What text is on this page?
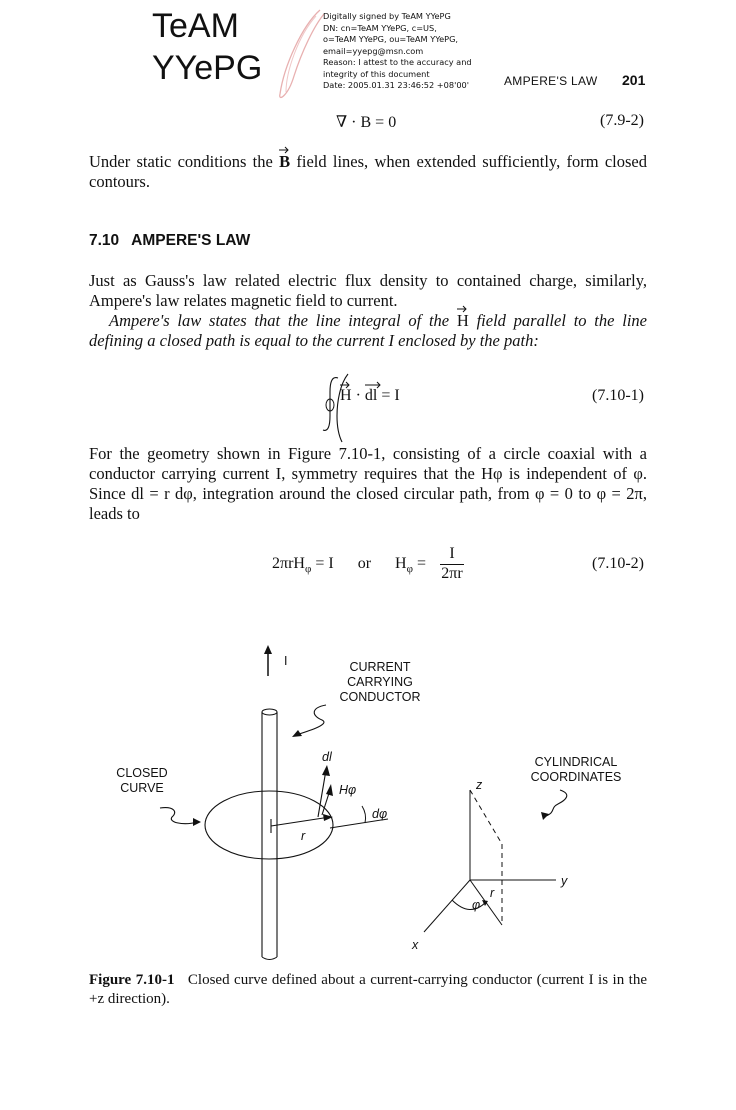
TeAM
YYePG
Digitally signed by TeAM YYePG
DN: cn=TeAM YYePG, c=US,
o=TeAM YYePG, ou=TeAM YYePG,
email=yyepg@msn.com
Reason: I attest to the accuracy and
integrity of this document
Date: 2005.01.31 23:46:52 +08'00'	AMPERE'S LAW 201
∇ · B = 0	(7.9-2)
Under static conditions the
B field lines, when extended sufficiently, form closed contours.
7.10 AMPERE'S LAW
Just as Gauss's law related electric flux density to contained charge, similarly, Ampere's law relates magnetic field to current.
Ampere's law states that the line integral of the
H field parallel to the line defining a closed path is equal to the current I enclosed by the path:
H ·
dl = I	(7.10-1)
For the geometry shown in Figure 7.10-1, consisting of a circle coaxial with a conductor carrying current I, symmetry requires that the Hφ is independent of φ. Since dl = r dφ, integration around the closed circular path, from φ = 0 to φ = 2π, leads to
2πrH$_\varphi$ = I or $H_\varphi = \frac{I}{2\pi r}$	(7.10-2)
I	CURRENT
CARRYING
CONDUCTOR
CLOSED
CURVE
dl
Hφ
dφ
r
CYLINDRICAL
COORDINATES
z
y
x
r
φ
Figure 7.10-1 Closed curve defined about a current-carrying conductor (current I is in the +z direction).
